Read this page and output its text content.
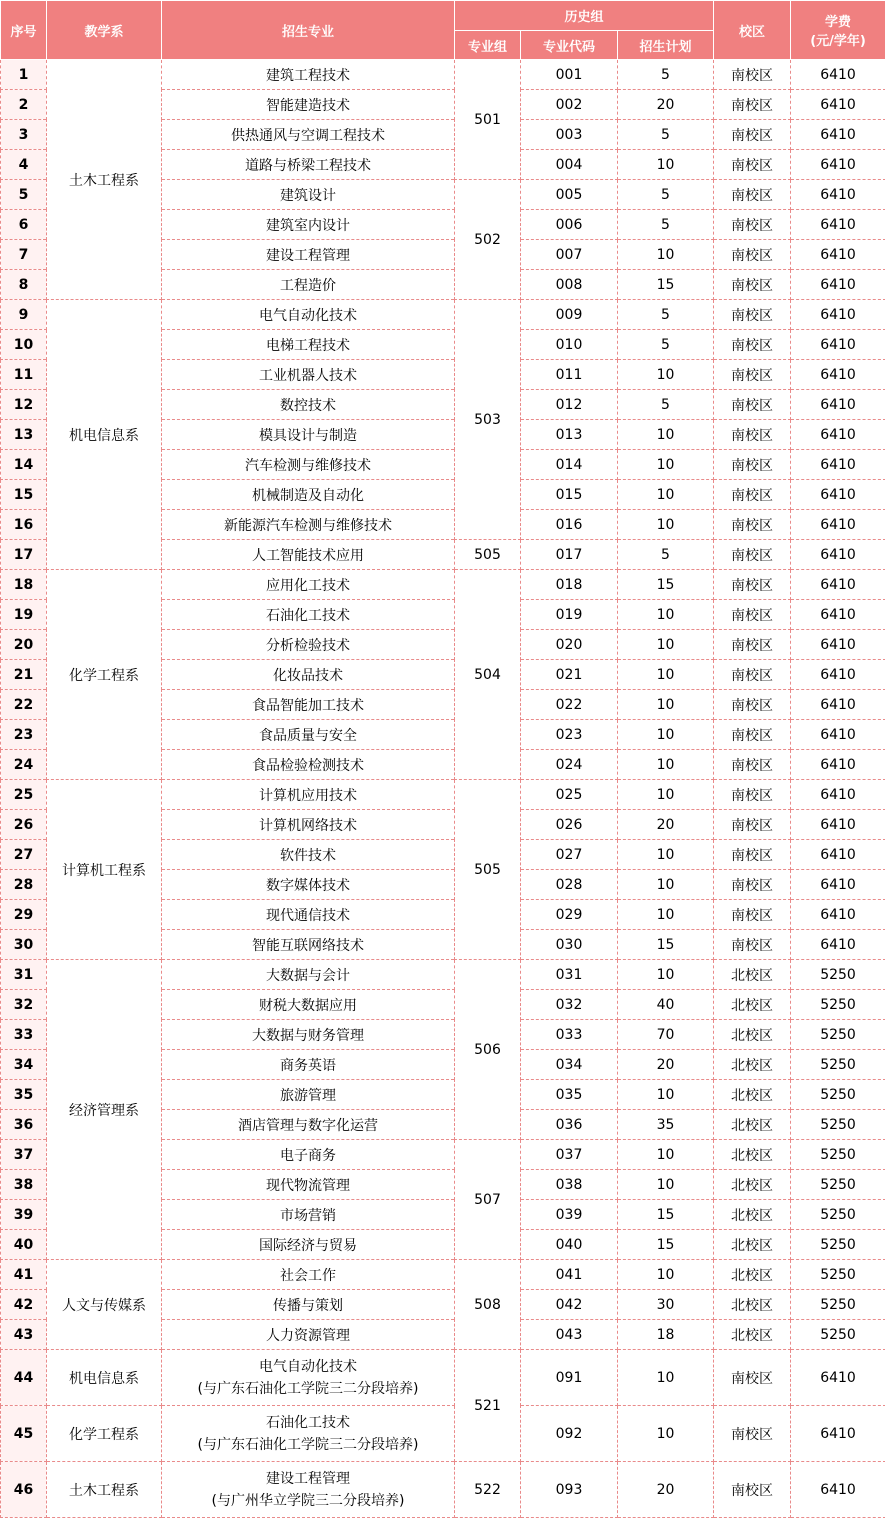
序号	教学系	招生专业	历史组			校区	学费
(元/学年)

			专业组	专业代码	招生计划		
1	土木工程系	建筑工程技术	501	001	5	南校区	6410
2		智能建造技术		002	20	南校区	6410
3		供热通风与空调工程技术		003	5	南校区	6410
4		道路与桥梁工程技术		004	10	南校区	6410
5		建筑设计	502	005	5	南校区	6410
6		建筑室内设计		006	5	南校区	6410
7		建设工程管理		007	10	南校区	6410
8		工程造价		008	15	南校区	6410
9	机电信息系	电气自动化技术	503	009	5	南校区	6410
10		电梯工程技术		010	5	南校区	6410
11		工业机器人技术		011	10	南校区	6410
12		数控技术		012	5	南校区	6410
13		模具设计与制造		013	10	南校区	6410
14		汽车检测与维修技术		014	10	南校区	6410
15		机械制造及自动化		015	10	南校区	6410
16		新能源汽车检测与维修技术		016	10	南校区	6410
17		人工智能技术应用	505	017	5	南校区	6410
18	化学工程系	应用化工技术	504	018	15	南校区	6410
19		石油化工技术		019	10	南校区	6410
20		分析检验技术		020	10	南校区	6410
21		化妆品技术		021	10	南校区	6410
22		食品智能加工技术		022	10	南校区	6410
23		食品质量与安全		023	10	南校区	6410
24		食品检验检测技术		024	10	南校区	6410
25	计算机工程系	计算机应用技术	505	025	10	南校区	6410
26		计算机网络技术		026	20	南校区	6410
27		软件技术		027	10	南校区	6410
28		数字媒体技术		028	10	南校区	6410
29		现代通信技术		029	10	南校区	6410
30		智能互联网络技术		030	15	南校区	6410
31	经济管理系	大数据与会计	506	031	10	北校区	5250
32		财税大数据应用		032	40	北校区	5250
33		大数据与财务管理		033	70	北校区	5250
34		商务英语		034	20	北校区	5250
35		旅游管理		035	10	北校区	5250
36		酒店管理与数字化运营		036	35	北校区	5250
37		电子商务	507	037	10	北校区	5250
38		现代物流管理		038	10	北校区	5250
39		市场营销		039	15	北校区	5250
40		国际经济与贸易		040	15	北校区	5250
41	人文与传媒系	社会工作	508	041	10	北校区	5250
42		传播与策划		042	30	北校区	5250
43		人力资源管理		043	18	北校区	5250
44	机电信息系	电气自动化技术
(与广东石油化工学院三二分段培养)	521	091	10	南校区	6410
45	化学工程系	石油化工技术
(与广东石油化工学院三二分段培养)		092	10	南校区	6410
46	土木工程系	建设工程管理
(与广州华立学院三二分段培养)	522	093	20	南校区	6410
